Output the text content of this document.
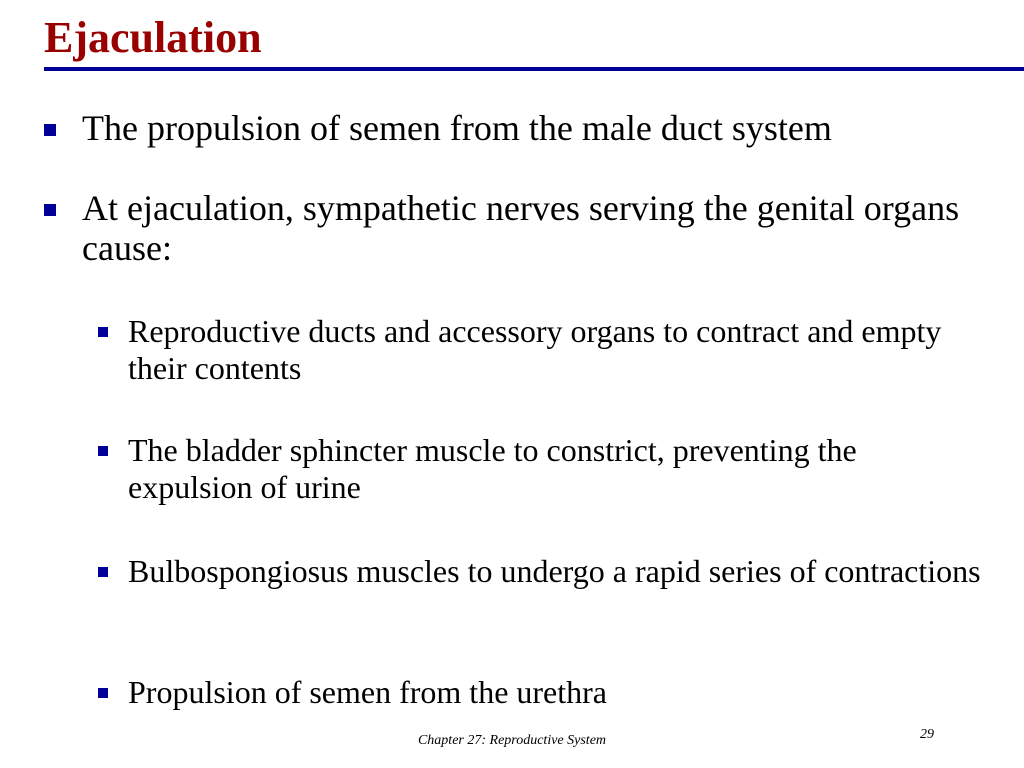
Ejaculation
The propulsion of semen from the male duct system
At ejaculation, sympathetic nerves serving the genital organs cause:
Reproductive ducts and accessory organs to contract and empty their contents
The bladder sphincter muscle to constrict, preventing the expulsion of urine
Bulbospongiosus muscles to undergo a rapid series of contractions
Propulsion of semen from the urethra
Chapter 27: Reproductive System	29
